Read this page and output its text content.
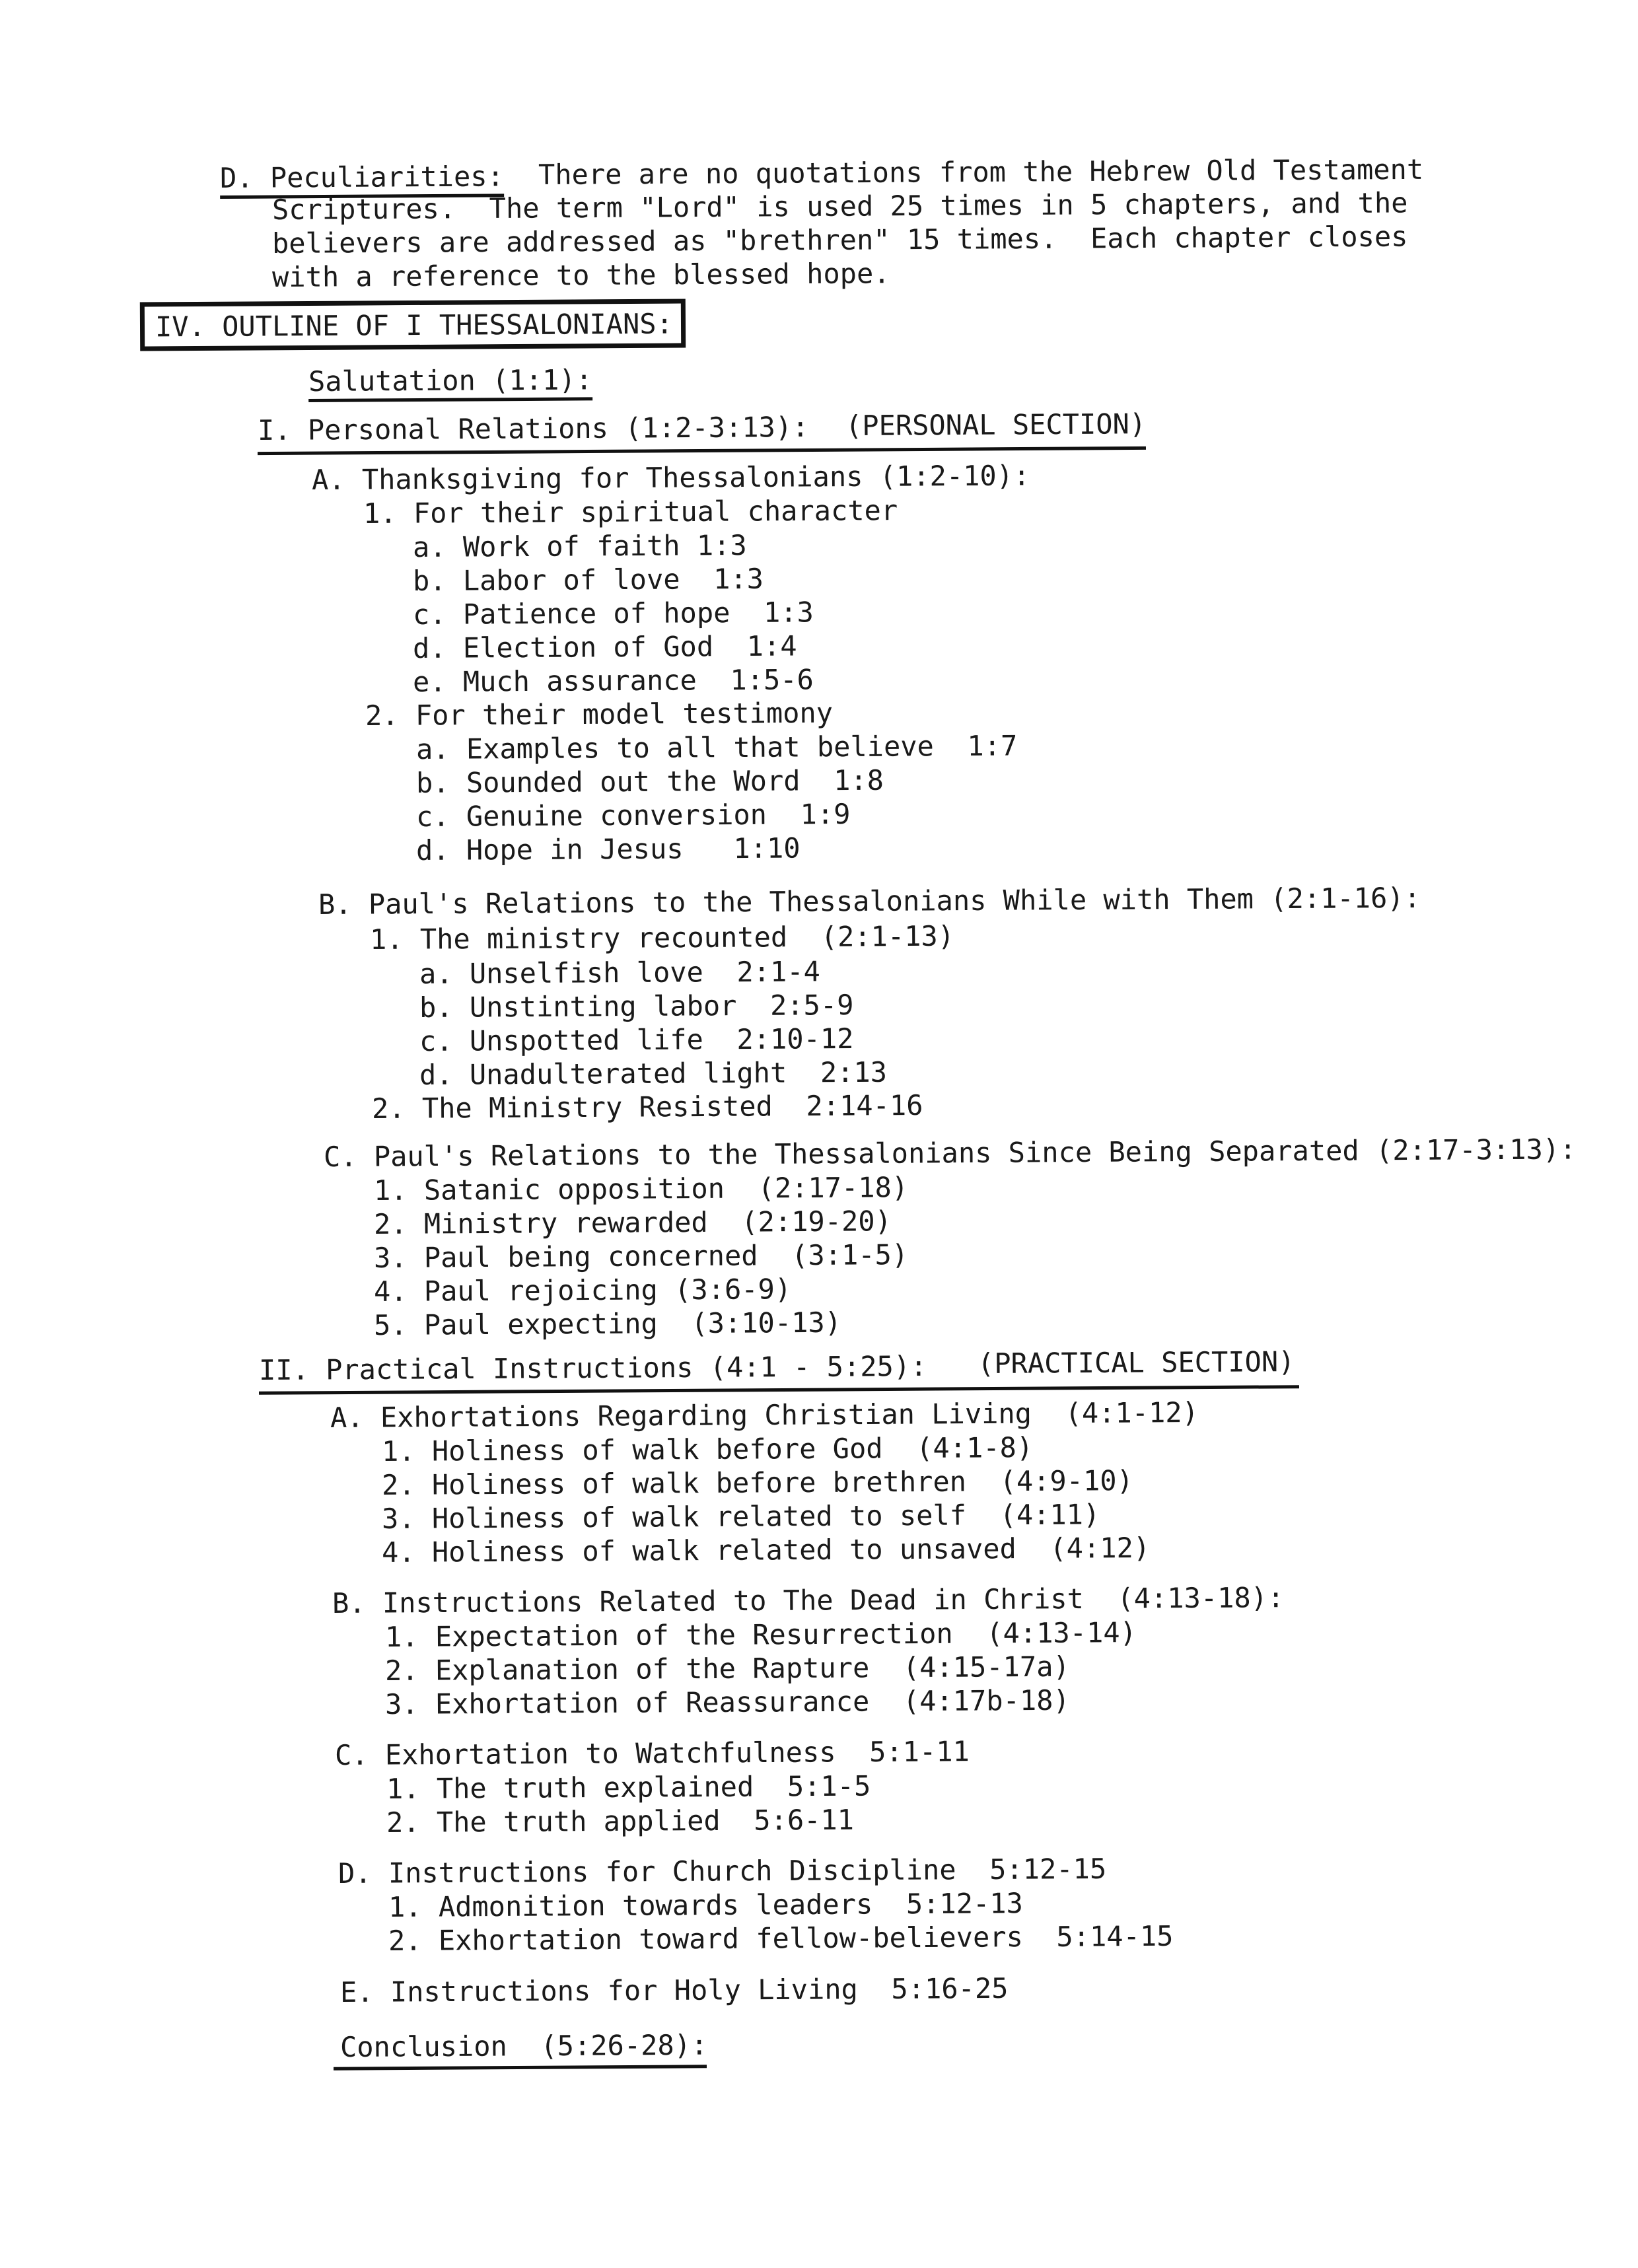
D. Peculiarities: There are no quotations from the Hebrew Old Testament
Scriptures.  The term "Lord" is used 25 times in 5 chapters, and the
believers are addressed as "brethren" 15 times.  Each chapter closes
with a reference to the blessed hope.
IV. OUTLINE OF I THESSALONIANS:
Salutation (1:1):
I. Personal Relations (1:2-3:13): (PERSONAL SECTION)
A. Thanksgiving for Thessalonians (1:2-10):
1. For their spiritual character
a. Work of faith 1:3
b. Labor of love  1:3
c. Patience of hope  1:3
d. Election of God  1:4
e. Much assurance  1:5-6
2. For their model testimony
a. Examples to all that believe  1:7
b. Sounded out the Word  1:8
c. Genuine conversion  1:9
d. Hope in Jesus   1:10
B. Paul's Relations to the Thessalonians While with Them (2:1-16):
1. The ministry recounted  (2:1-13)
a. Unselfish love  2:1-4
b. Unstinting labor  2:5-9
c. Unspotted life  2:10-12
d. Unadulterated light  2:13
2. The Ministry Resisted  2:14-16
C. Paul's Relations to the Thessalonians Since Being Separated (2:17-3:13):
1. Satanic opposition  (2:17-18)
2. Ministry rewarded  (2:19-20)
3. Paul being concerned  (3:1-5)
4. Paul rejoicing (3:6-9)
5. Paul expecting  (3:10-13)
II. Practical Instructions (4:1 - 5:25): (PRACTICAL SECTION)
A. Exhortations Regarding Christian Living  (4:1-12)
1. Holiness of walk before God  (4:1-8)
2. Holiness of walk before brethren  (4:9-10)
3. Holiness of walk related to self  (4:11)
4. Holiness of walk related to unsaved  (4:12)
B. Instructions Related to The Dead in Christ  (4:13-18):
1. Expectation of the Resurrection  (4:13-14)
2. Explanation of the Rapture  (4:15-17a)
3. Exhortation of Reassurance  (4:17b-18)
C. Exhortation to Watchfulness  5:1-11
1. The truth explained  5:1-5
2. The truth applied  5:6-11
D. Instructions for Church Discipline  5:12-15
1. Admonition towards leaders  5:12-13
2. Exhortation toward fellow-believers  5:14-15
E. Instructions for Holy Living  5:16-25
Conclusion  (5:26-28):
